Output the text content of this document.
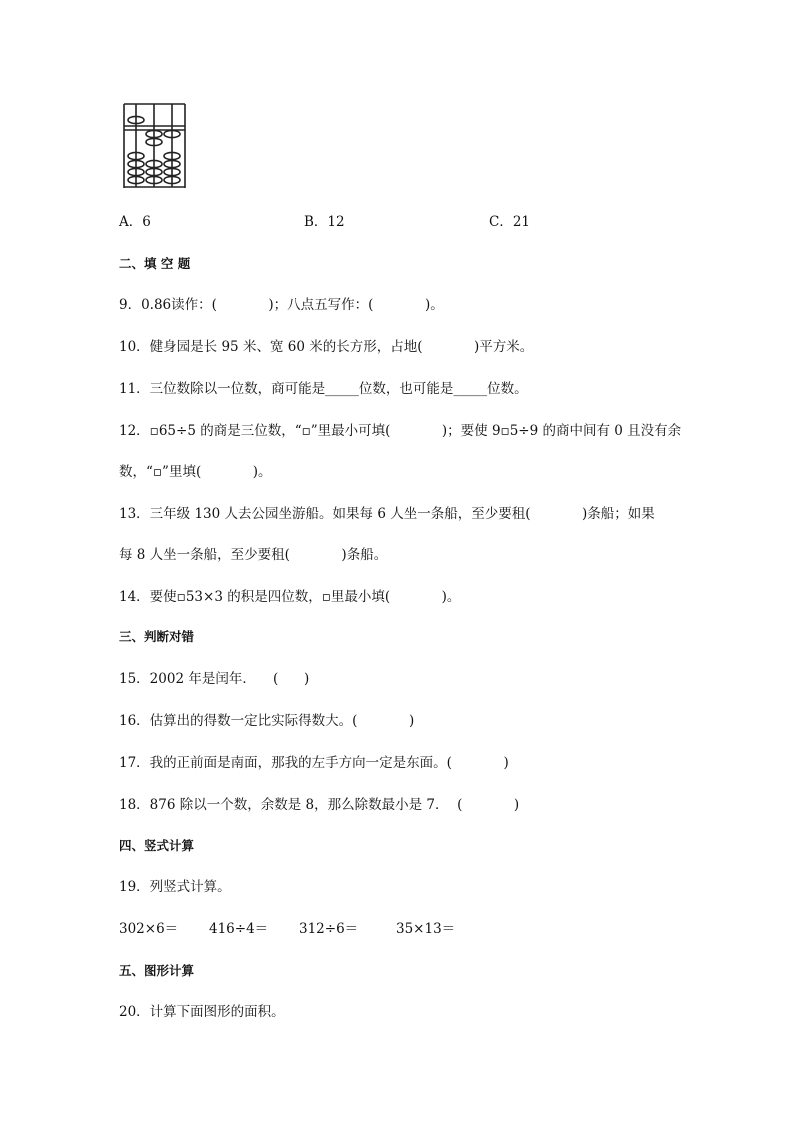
A．6	B．12	C．21
二、填 空 题
9．0.86读作：(            )；八点五写作：(            )。
10．健身园是长 95 米、宽 60 米的长方形，占地(            )平方米。
11．三位数除以一位数，商可能是_____位数，也可能是_____位数。
12．▫65÷5 的商是三位数，“▫”里最小可填(            )；要使 9▫5÷9 的商中间有 0 且没有余
数，“▫”里填(            )。
13．三年级 130 人去公园坐游船。如果每 6 人坐一条船，至少要租(            )条船；如果
每 8 人坐一条船，至少要租(            )条船。
14．要使▫53×3 的积是四位数，▫里最小填(            )。
三、判断对错
15．2002 年是闰年．    (      )
16．估算出的得数一定比实际得数大。(            )
17．我的正前面是南面，那我的左手方向一定是东面。(            )
18．876 除以一个数，余数是 8，那么除数最小是 7．  (            )
四、竖式计算
19．列竖式计算。
302×6＝ 416÷4＝ 312÷6＝	35×13＝
五、图形计算
20．计算下面图形的面积。
